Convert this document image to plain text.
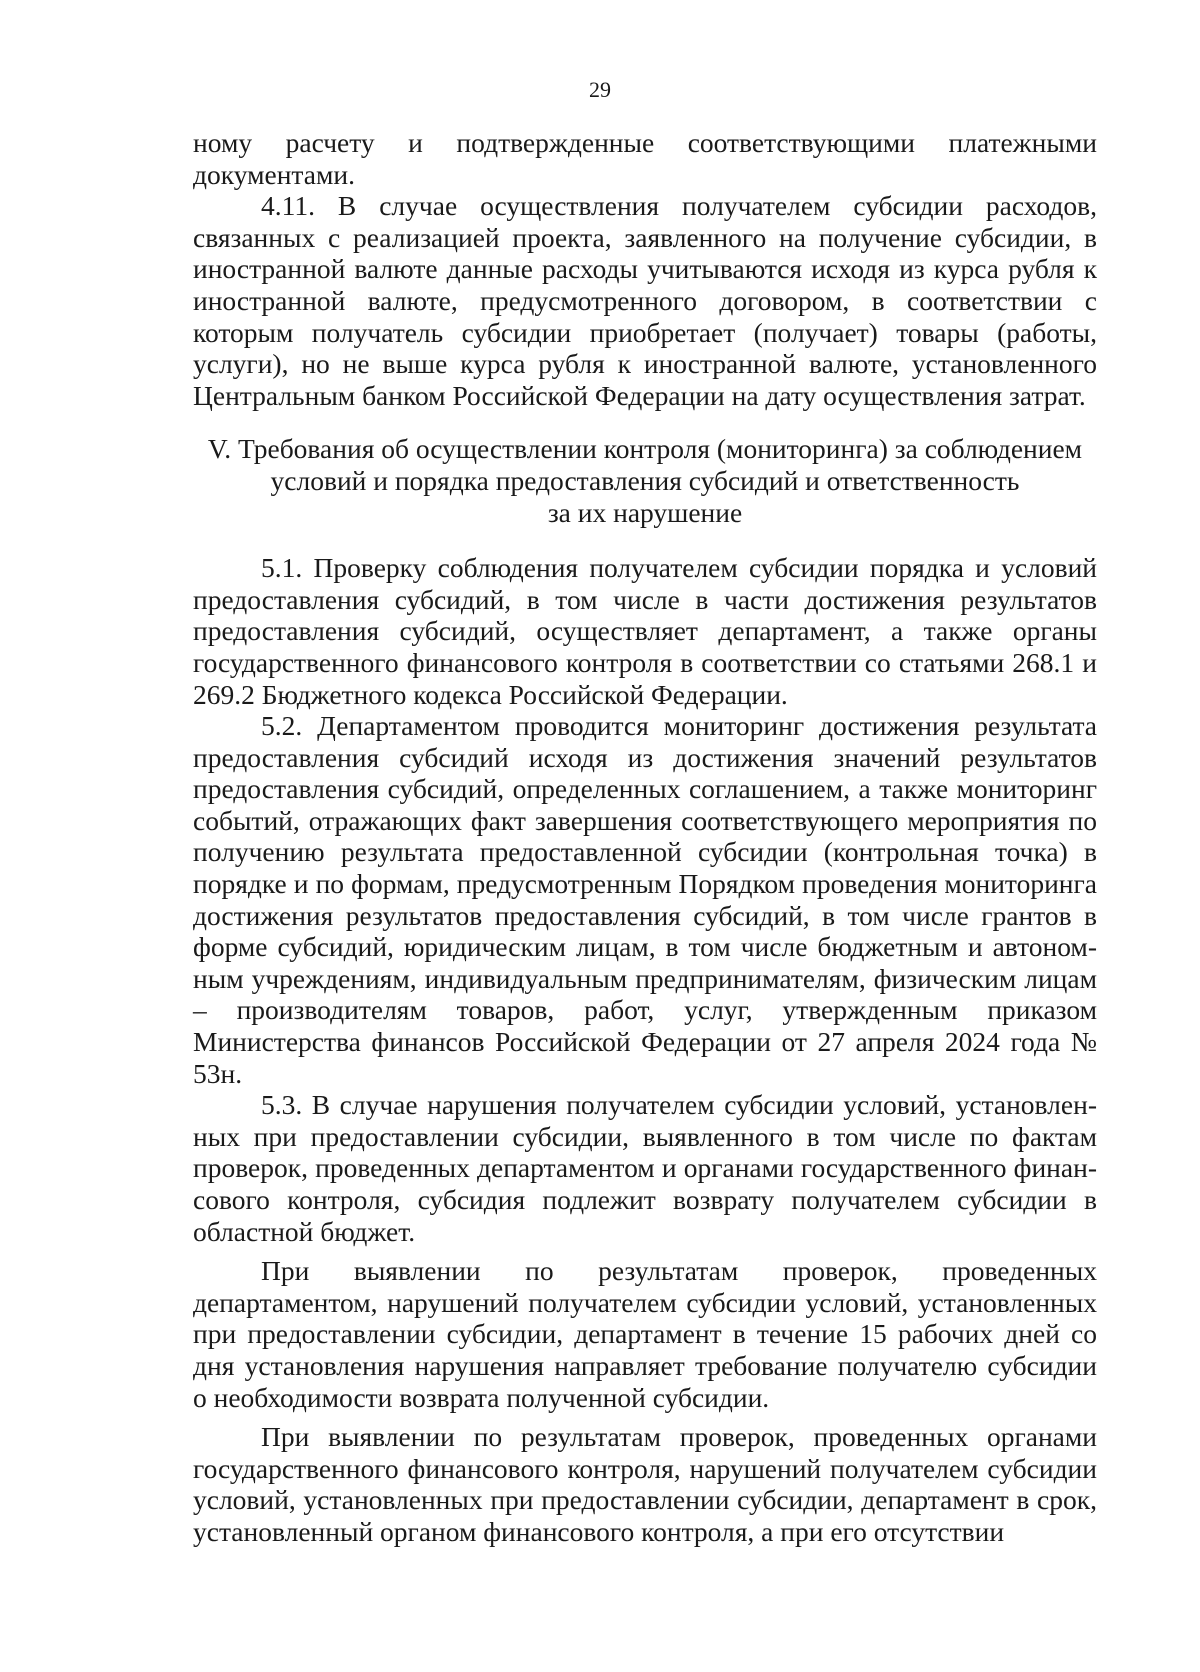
29

ному расчету и подтвержденные соответствующими платежными документами.

4.11. В случае осуществления получателем субсидии расходов, связанных с реализацией проекта, заявленного на получение субсидии, в иностранной валюте данные расходы учитываются исходя из курса рубля к иностранной валюте, предусмотренного договором, в соответствии с которым получатель субсидии приобретает (получает) товары (работы, услуги), но не выше курса рубля к иностранной валюте, установленного Центральным банком Российской Федерации на дату осуществления затрат.

V. Требования об осуществлении контроля (мониторинга) за соблюдением
условий и порядка предоставления субсидий и ответственность
за их нарушение

5.1. Проверку соблюдения получателем субсидии порядка и условий предоставления субсидий, в том числе в части достижения результатов предоставления субсидий, осуществляет департамент, а также органы государственного финансового контроля в соответствии со статьями 268.1 и 269.2 Бюджетного кодекса Российской Федерации.

5.2. Департаментом проводится мониторинг достижения результата предоставления субсидий исходя из достижения значений результатов предоставления субсидий, определенных соглашением, а также мониторинг событий, отражающих факт завершения соответствующего мероприятия по получению результата предоставленной субсидии (контрольная точка) в порядке и по формам, предусмотренным Порядком проведения мониторинга достижения результатов предоставления субсидий, в том числе грантов в форме субсидий, юридическим лицам, в том числе бюджетным и автономным учреждениям, индивидуальным предпринимателям, физическим лицам – производителям товаров, работ, услуг, утвержденным приказом Министерства финансов Российской Федерации от 27 апреля 2024 года № 53н.

5.3. В случае нарушения получателем субсидии условий, установленных при предоставлении субсидии, выявленного в том числе по фактам проверок, проведенных департаментом и органами государственного финансового контроля, субсидия подлежит возврату получателем субсидии в областной бюджет.

При выявлении по результатам проверок, проведенных департаментом, нарушений получателем субсидии условий, установленных при предоставлении субсидии, департамент в течение 15 рабочих дней со дня установления нарушения направляет требование получателю субсидии о необходимости возврата полученной субсидии.

При выявлении по результатам проверок, проведенных органами государственного финансового контроля, нарушений получателем субсидии условий, установленных при предоставлении субсидии, департамент в срок, установленный органом финансового контроля, а при его отсутствии
